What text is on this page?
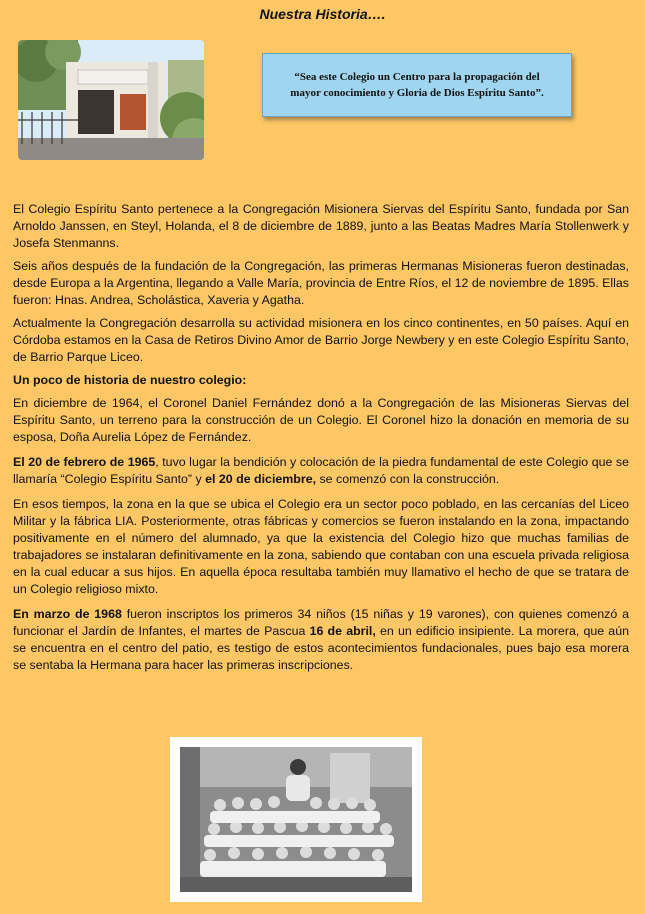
Nuestra Historia….
“Sea este Colegio un Centro para la propagación del mayor conocimiento y Gloria de Dios Espíritu Santo”.

El Colegio Espíritu Santo pertenece a la Congregación Misionera Siervas del Espíritu Santo, fundada por San Arnoldo Janssen, en Steyl, Holanda, el 8 de diciembre de 1889, junto a las Beatas Madres María Stollenwerk y Josefa Stenmanns.

Seis años después de la fundación de la Congregación, las primeras Hermanas Misioneras fueron destinadas, desde Europa a la Argentina, llegando a Valle María, provincia de Entre Ríos, el 12 de noviembre de 1895. Ellas fueron: Hnas. Andrea, Scholástica, Xaveria y Agatha.

Actualmente la Congregación desarrolla su actividad misionera en los cinco continentes, en 50 países. Aquí en Córdoba estamos en la Casa de Retiros Divino Amor de Barrio Jorge Newbery y en este Colegio Espíritu Santo, de Barrio Parque Liceo.

Un poco de historia de nuestro colegio:

En diciembre de 1964, el Coronel Daniel Fernández donó a la Congregación de las Misioneras Siervas del Espíritu Santo, un terreno para la construcción de un Colegio. El Coronel hizo la donación en memoria de su esposa, Doña Aurelia López de Fernández.

El 20 de febrero de 1965, tuvo lugar la bendición y colocación de la piedra fundamental de este Colegio que se llamaría “Colegio Espíritu Santo” y el 20 de diciembre, se comenzó con la construcción.

En esos tiempos, la zona en la que se ubica el Colegio era un sector poco poblado, en las cercanías del Liceo Militar y la fábrica LIA. Posteriormente, otras fábricas y comercios se fueron instalando en la zona, impactando positivamente en el número del alumnado, ya que la existencia del Colegio hizo que muchas familias de trabajadores se instalaran definitivamente en la zona, sabiendo que contaban con una escuela privada religiosa en la cual educar a sus hijos. En aquella época resultaba también muy llamativo el hecho de que se tratara de un Colegio religioso mixto.

En marzo de 1968 fueron inscriptos los primeros 34 niños (15 niñas y 19 varones), con quienes comenzó a funcionar el Jardín de Infantes, el martes de Pascua 16 de abril, en un edificio insipiente. La morera, que aún se encuentra en el centro del patio, es testigo de estos acontecimientos fundacionales, pues bajo esa morera se sentaba la Hermana para hacer las primeras inscripciones.
